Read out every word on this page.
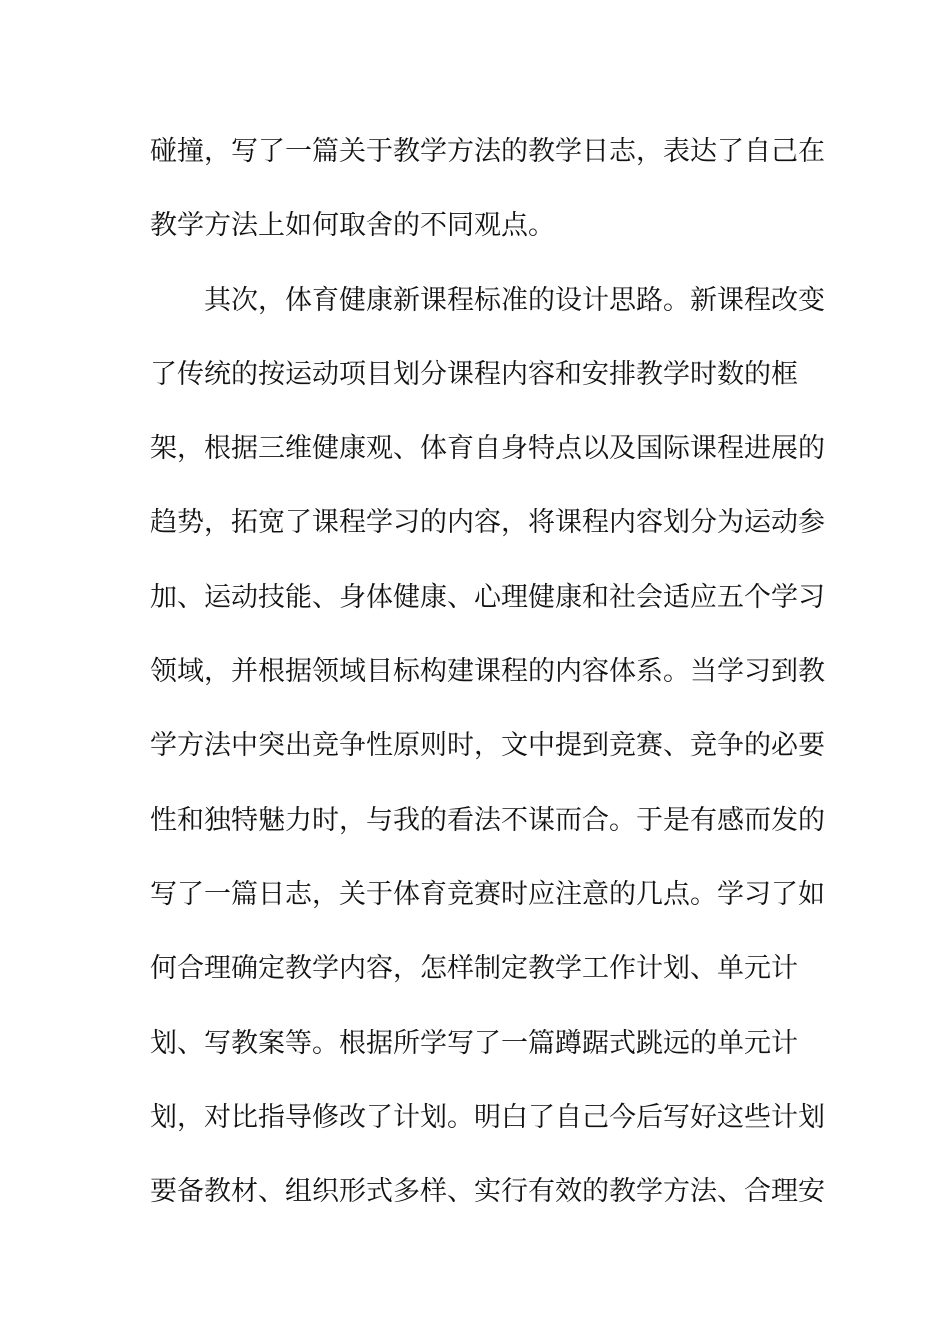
碰撞，写了一篇关于教学方法的教学日志，表达了自己在
教学方法上如何取舍的不同观点。
　　其次，体育健康新课程标准的设计思路。新课程改变
了传统的按运动项目划分课程内容和安排教学时数的框
架，根据三维健康观、体育自身特点以及国际课程进展的
趋势，拓宽了课程学习的内容，将课程内容划分为运动参
加、运动技能、身体健康、心理健康和社会适应五个学习
领域，并根据领域目标构建课程的内容体系。当学习到教
学方法中突出竞争性原则时，文中提到竞赛、竞争的必要
性和独特魅力时，与我的看法不谋而合。于是有感而发的
写了一篇日志，关于体育竞赛时应注意的几点。学习了如
何合理确定教学内容，怎样制定教学工作计划、单元计
划、写教案等。根据所学写了一篇蹲踞式跳远的单元计
划，对比指导修改了计划。明白了自己今后写好这些计划
要备教材、组织形式多样、实行有效的教学方法、合理安
